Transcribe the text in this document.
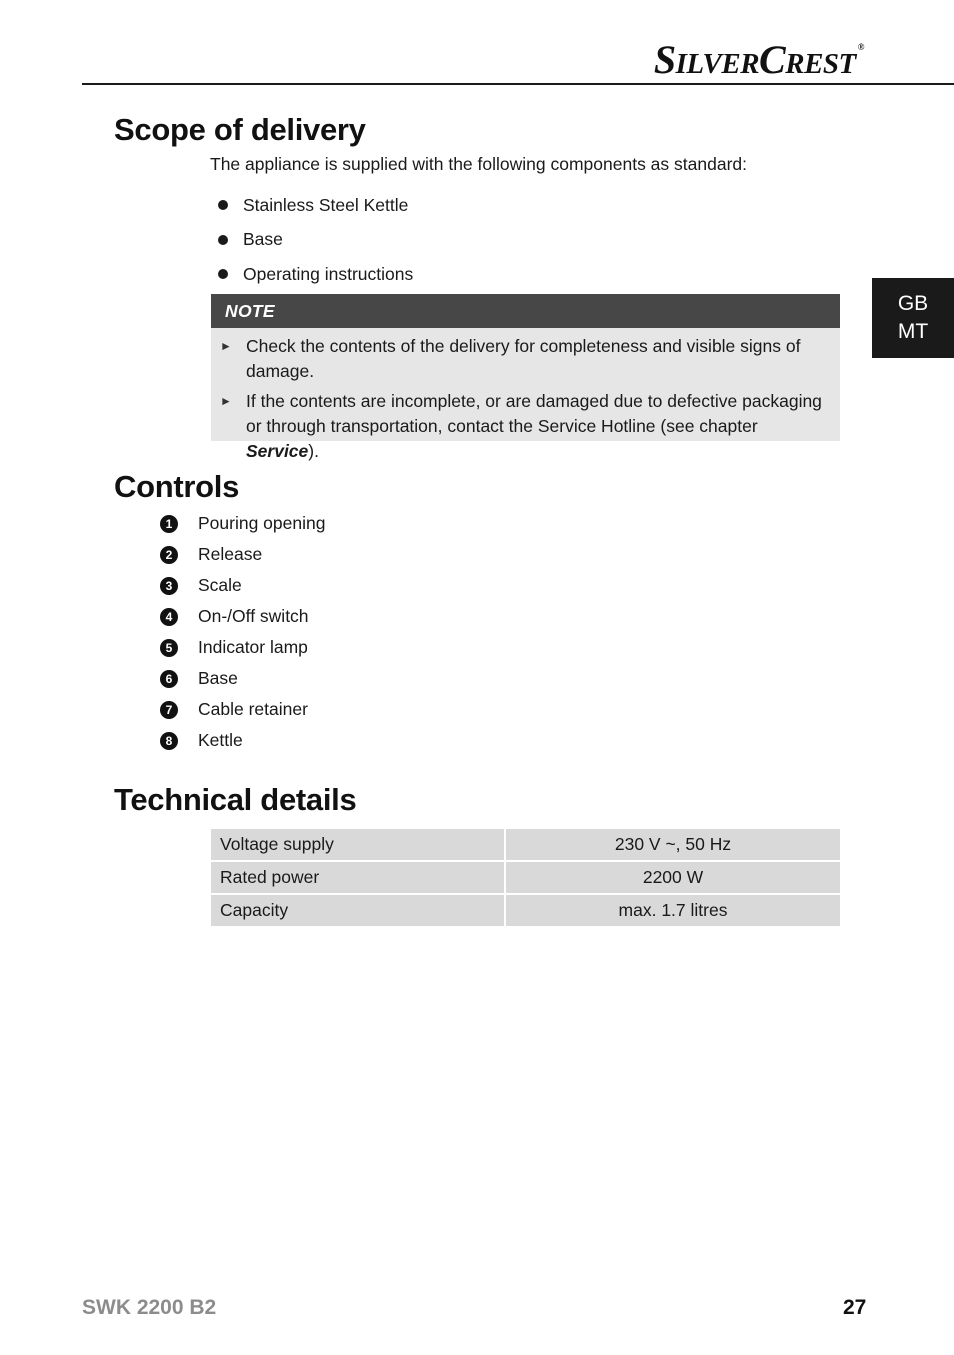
SILVERCREST®
GB
MT
Scope of delivery

The appliance is supplied with the following components as standard:

Stainless Steel Kettle
Base
Operating instructions
NOTE
► Check the contents of the delivery for completeness and visible signs of damage.
► If the contents are incomplete, or are damaged due to defective packaging or through transportation, contact the Service Hotline (see chapter Service).
Controls
1	Pouring opening
2	Release
3	Scale
4	On-/Off switch
5	Indicator lamp
6	Base
7	Cable retainer
8	Kettle
Technical details
Voltage supply	230 V ~, 50 Hz
Rated power	2200 W
Capacity	max. 1.7 litres
SWK 2200 B2	27
